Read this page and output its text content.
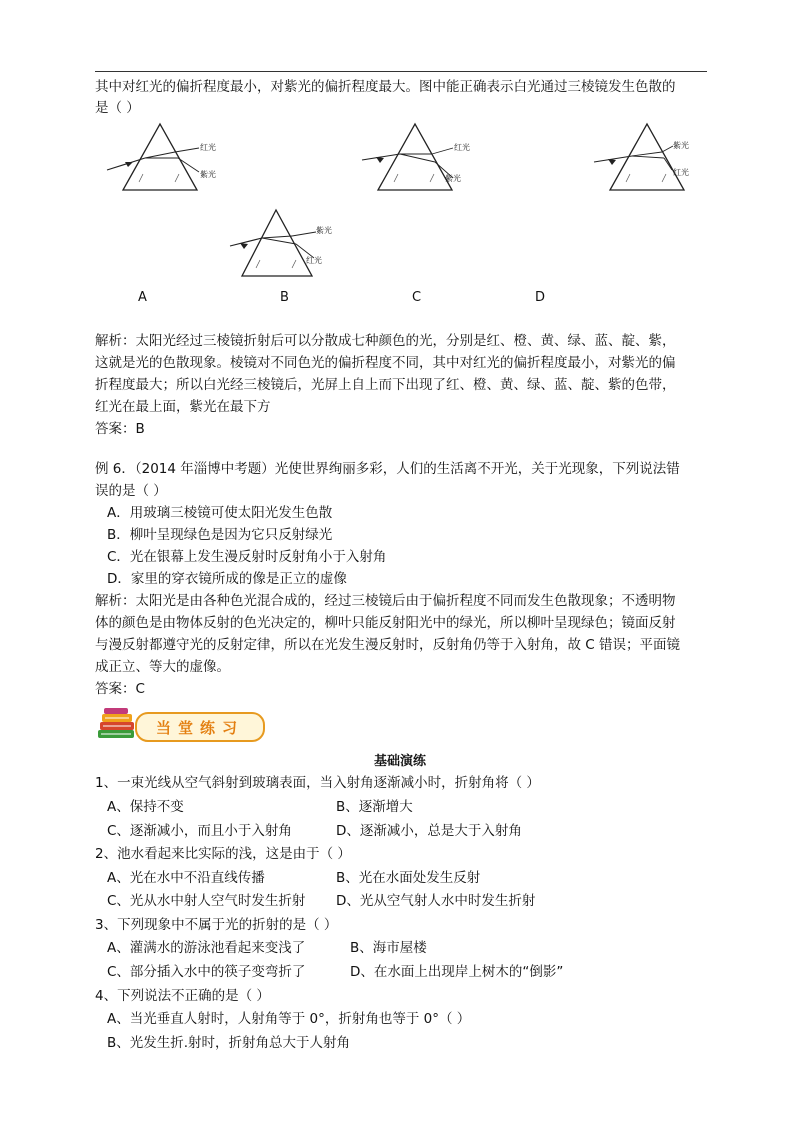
其中对红光的偏折程度最小，对紫光的偏折程度最大。图中能正确表示白光通过三棱镜发生色散的
是（ ）
红光
紫光
红光
紫光
紫光
红光
紫光
红光
A	B	C	D
解析：太阳光经过三棱镜折射后可以分散成七种颜色的光，分别是红、橙、黄、绿、蓝、靛、紫，
这就是光的色散现象。棱镜对不同色光的偏折程度不同，其中对红光的偏折程度最小，对紫光的偏
折程度最大；所以白光经三棱镜后，光屏上自上而下出现了红、橙、黄、绿、蓝、靛、紫的色带，
红光在最上面，紫光在最下方
答案：B
例 6．（2014 年淄博中考题）光使世界绚丽多彩，人们的生活离不开光，关于光现象，下列说法错
误的是（ ）
A．用玻璃三棱镜可使太阳光发生色散
B．柳叶呈现绿色是因为它只反射绿光
C．光在银幕上发生漫反射时反射角小于入射角
D．家里的穿衣镜所成的像是正立的虚像
解析：太阳光是由各种色光混合成的，经过三棱镜后由于偏折程度不同而发生色散现象；不透明物
体的颜色是由物体反射的色光决定的，柳叶只能反射阳光中的绿光，所以柳叶呈现绿色；镜面反射
与漫反射都遵守光的反射定律，所以在光发生漫反射时，反射角仍等于入射角，故 C 错误；平面镜
成正立、等大的虚像。
答案：C
当堂练习
基础演练
1、一束光线从空气斜射到玻璃表面，当入射角逐渐减小时，折射角将（ ）
A、保持不变	B、逐渐增大
C、逐渐减小，而且小于入射角	D、逐渐减小，总是大于入射角
2、池水看起来比实际的浅，这是由于（ ）
A、光在水中不沿直线传播	B、光在水面处发生反射
C、光从水中射人空气时发生折射 D、光从空气射人水中时发生折射
3、下列现象中不属于光的折射的是（ ）
A、灌满水的游泳池看起来变浅了	B、海市屋楼
C、部分插入水中的筷子变弯折了	D、在水面上出现岸上树木的“倒影”
4、下列说法不正确的是（ ）
A、当光垂直人射时，人射角等于 0°，折射角也等于 0°（ ）
B、光发生折.射时，折射角总大于人射角
